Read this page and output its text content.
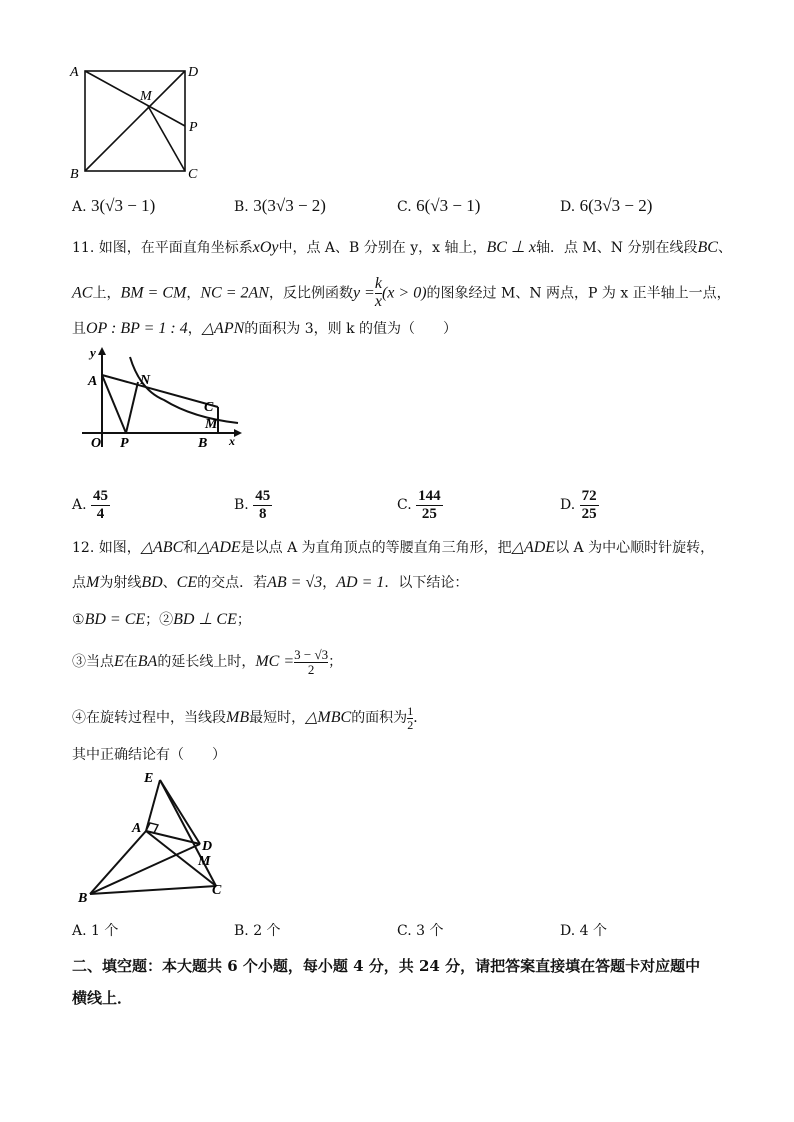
A	D
M
P
B	C
A. 3(√3 − 1)	B. 3(3√3 − 2)	C. 6(√3 − 1)	D. 6(3√3 − 2)
11. 如图，在平面直角坐标系xOy中，点 A、B 分别在 y，x 轴上，BC ⊥ x轴．点 M、N 分别在线段BC、
AC上，BM = CM，NC = 2AN，反比例函数$y = \frac{k}{x} (x > 0)$的图象经过 M、N 两点，P 为 x 正半轴上一点，
且OP : BP = 1 : 4，△APN的面积为 3，则 k 的值为（　　）
y
A	N
C
M
O P	B x
A. $\frac{45}{4}$	B. $\frac{45}{8}$	C. $\frac{144}{25}$	D. $\frac{72}{25}$
12. 如图，△ABC和△ADE是以点 A 为直角顶点的等腰直角三角形，把△ADE以 A 为中心顺时针旋转，
点M为射线BD、CE的交点．若AB = √3，AD = 1．以下结论：
①BD = CE；②BD ⊥ CE；
③当点E在BA的延长线上时，MC = $\frac{3 - √3}{2}$ ；
④在旋转过程中，当线段MB最短时，△MBC的面积为 $\frac{1}{2}$ ．
其中正确结论有（　　）
E
A
D
M
B
C
A. 1 个	B. 2 个	C. 3 个	D. 4 个
二、填空题：本大题共 6 个小题，每小题 4 分，共 24 分，请把答案直接填在答题卡对应题中
横线上．
